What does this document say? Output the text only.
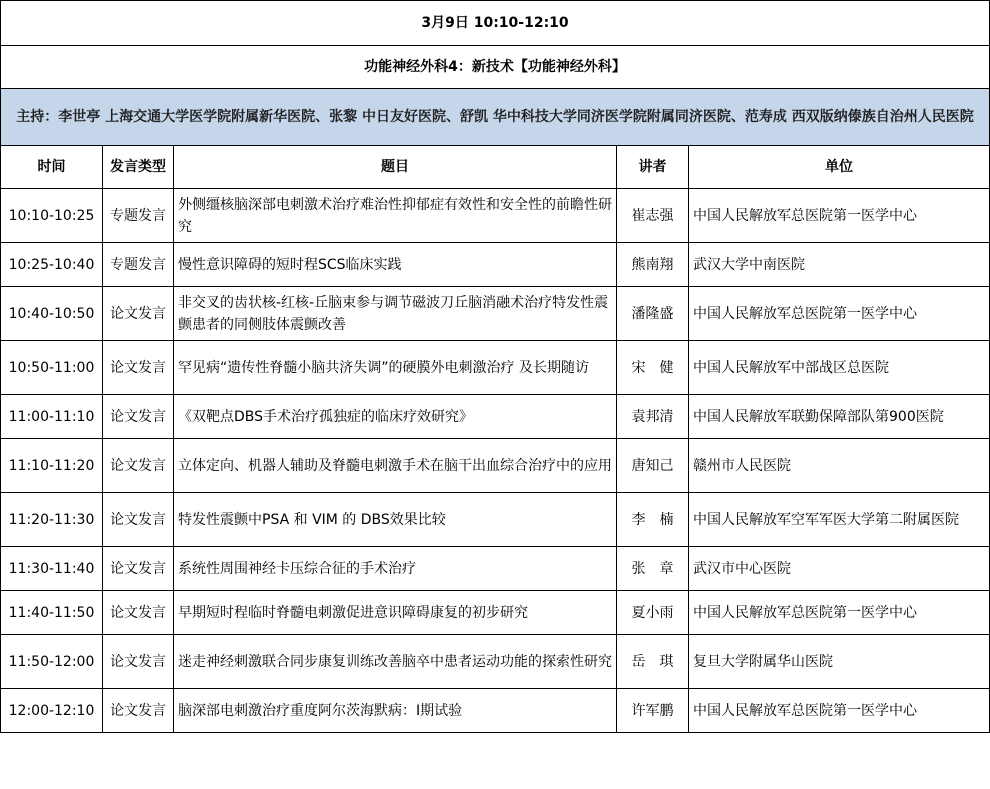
3月9日 10:10-12:10				
功能神经外科4：新技术【功能神经外科】				
主持：李世亭 上海交通大学医学院附属新华医院、张黎 中日友好医院、舒凯 华中科技大学同济医学院附属同济医院、范寿成 西双版纳傣族自治州人民医院				
时间	发言类型	题目	讲者	单位
10:10-10:25	专题发言	外侧缰核脑深部电刺激术治疗难治性抑郁症有效性和安全性的前瞻性研究	崔志强	中国人民解放军总医院第一医学中心
10:25-10:40	专题发言	慢性意识障碍的短时程SCS临床实践	熊南翔	武汉大学中南医院
10:40-10:50	论文发言	非交叉的齿状核-红核-丘脑束参与调节磁波刀丘脑消融术治疗特发性震颤患者的同侧肢体震颤改善	潘隆盛	中国人民解放军总医院第一医学中心
10:50-11:00	论文发言	罕见病“遗传性脊髓小脑共济失调”的硬膜外电刺激治疗 及长期随访	宋　健	中国人民解放军中部战区总医院
11:00-11:10	论文发言	《双靶点DBS手术治疗孤独症的临床疗效研究》	袁邦清	中国人民解放军联勤保障部队第900医院
11:10-11:20	论文发言	立体定向、机器人辅助及脊髓电刺激手术在脑干出血综合治疗中的应用	唐知己	赣州市人民医院
11:20-11:30	论文发言	特发性震颤中PSA 和 VIM 的 DBS效果比较	李　楠	中国人民解放军空军军医大学第二附属医院
11:30-11:40	论文发言	系统性周围神经卡压综合征的手术治疗	张　章	武汉市中心医院
11:40-11:50	论文发言	早期短时程临时脊髓电刺激促进意识障碍康复的初步研究	夏小雨	中国人民解放军总医院第一医学中心
11:50-12:00	论文发言	迷走神经刺激联合同步康复训练改善脑卒中患者运动功能的探索性研究	岳　琪	复旦大学附属华山医院
12:00-12:10	论文发言	脑深部电刺激治疗重度阿尔茨海默病：I期试验	许军鹏	中国人民解放军总医院第一医学中心
